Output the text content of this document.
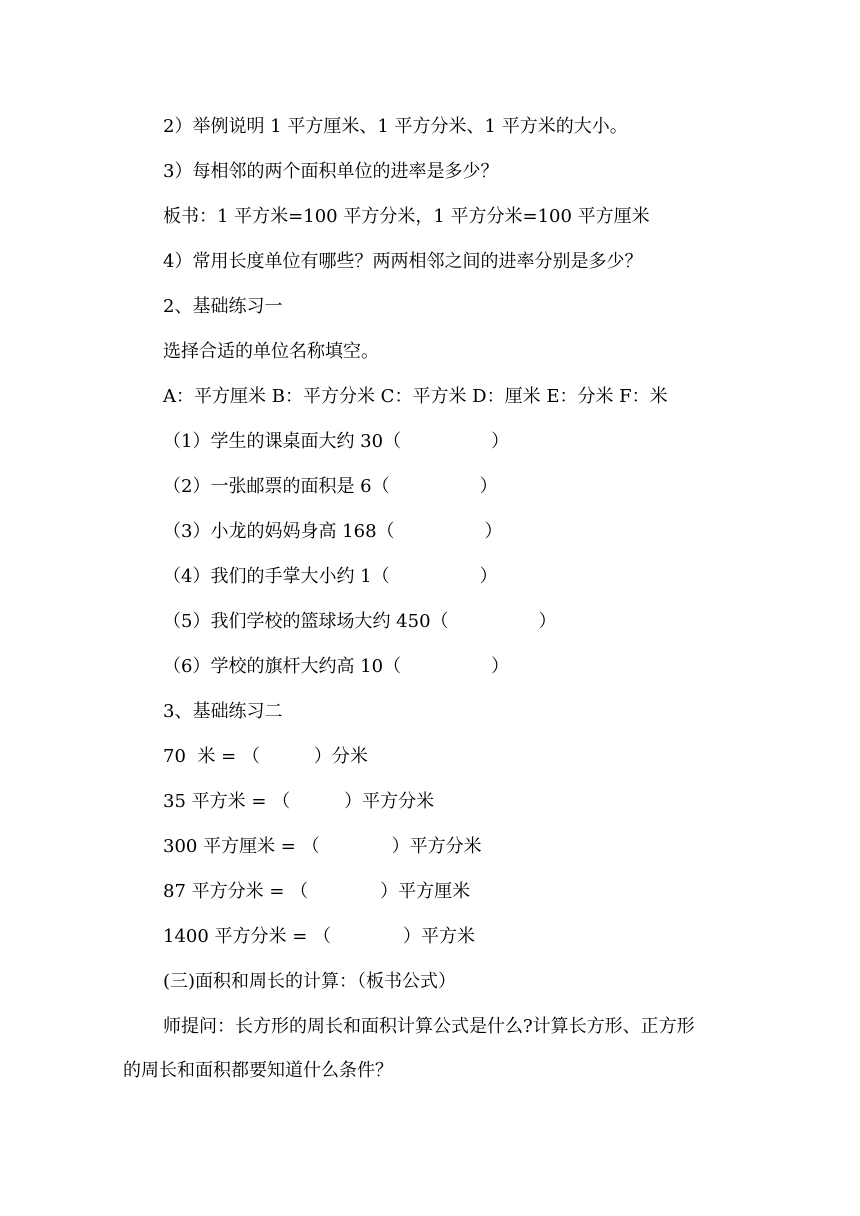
2）举例说明 1 平方厘米、1 平方分米、1 平方米的大小。
3）每相邻的两个面积单位的进率是多少？
板书：1 平方米=100 平方分米，1 平方分米=100 平方厘米
4）常用长度单位有哪些？两两相邻之间的进率分别是多少？
2、基础练习一
选择合适的单位名称填空。
A：平方厘米 B：平方分米 C：平方米 D：厘米 E：分米 F：米
（1）学生的课桌面大约 30（　　　　　）
（2）一张邮票的面积是 6（　　　　　）
（3）小龙的妈妈身高 168（　　　　　）
（4）我们的手掌大小约 1（　　　　　）
（5）我们学校的篮球场大约 450（　　　　　）
（6）学校的旗杆大约高 10（　　　　　）
3、基础练习二
70  米 = （　　　）分米
35 平方米 = （　　　）平方分米
300 平方厘米 = （　　　　）平方分米
87 平方分米 = （　　　　）平方厘米
1400 平方分米 = （　　　　）平方米
(三)面积和周长的计算：（板书公式）
师提问：长方形的周长和面积计算公式是什么?计算长方形、正方形
的周长和面积都要知道什么条件？
